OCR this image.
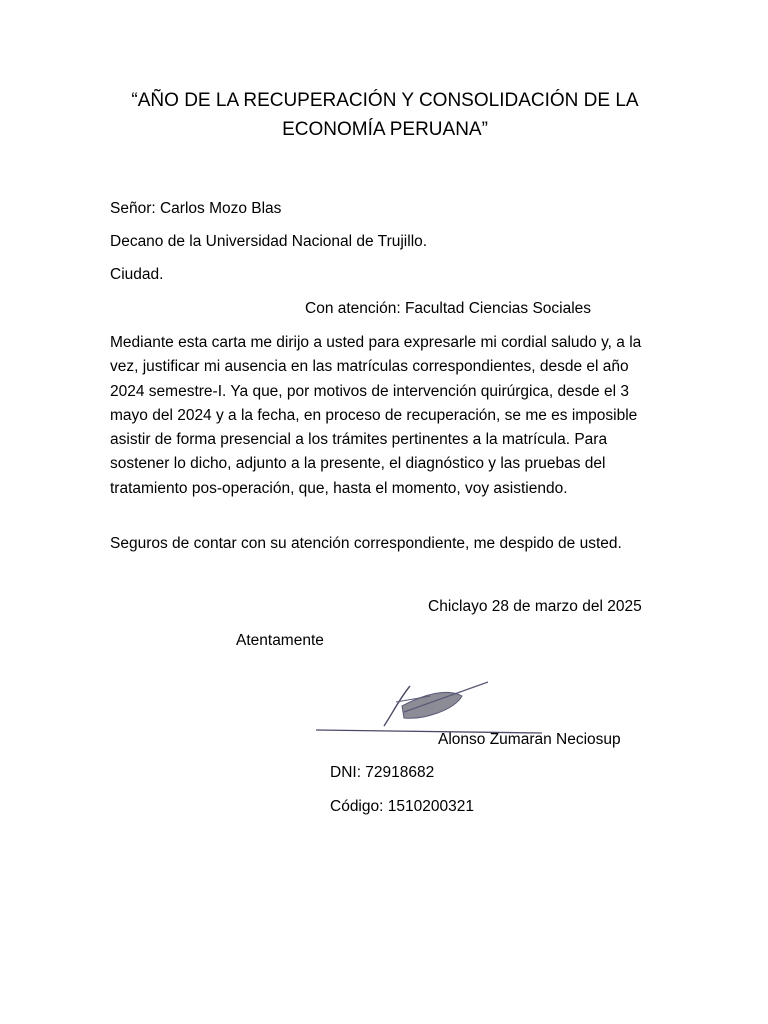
“AÑO DE LA RECUPERACIÓN Y CONSOLIDACIÓN DE LA ECONOMÍA PERUANA”
Señor: Carlos Mozo Blas
Decano de la Universidad Nacional de Trujillo.
Ciudad.
Con atención: Facultad Ciencias Sociales
Mediante esta carta me dirijo a usted para expresarle mi cordial saludo y, a la vez, justificar mi ausencia en las matrículas correspondientes, desde el año 2024 semestre-I. Ya que, por motivos de intervención quirúrgica, desde el 3 mayo del 2024 y a la fecha, en proceso de recuperación, se me es imposible asistir de forma presencial a los trámites pertinentes a la matrícula. Para sostener lo dicho, adjunto a la presente, el diagnóstico y las pruebas del tratamiento pos-operación, que, hasta el momento, voy asistiendo.
Seguros de contar con su atención correspondiente, me despido de usted.
Chiclayo 28 de marzo del 2025
Atentamente
Alonso Zumaran Neciosup
DNI: 72918682
Código: 1510200321
